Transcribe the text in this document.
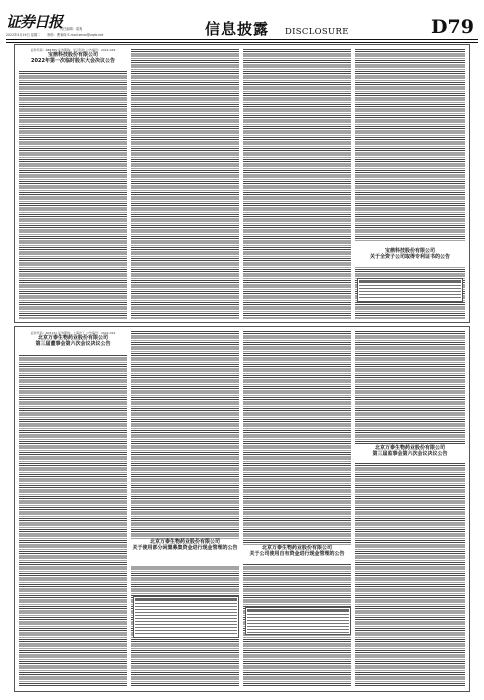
证券日报
责任编辑：梁爽
2022年4月19日 星期二 制作：曹秉琛 E-mail:zmzx@zqrb.net	信息披露 DISCLOSURE	D79
证券代码：688365 证券简称：光云科技 公告编号：2022-029
宝鼎科技股份有限公司
2022年第一次临时股东大会决议公告
宝鼎科技股份有限公司
关于全资子公司取得专利证书的公告
证券代码：603131 证券简称：上海沪工 公告编号：2022-022
北京万泰生物药业股份有限公司
第三届董事会第六次会议决议公告
北京万泰生物药业股份有限公司
关于使用部分闲置募集资金进行现金管理的公告	北京万泰生物药业股份有限公司
关于公司使用自有资金进行现金管理的公告
北京万泰生物药业股份有限公司
第三届监事会第六次会议决议公告
